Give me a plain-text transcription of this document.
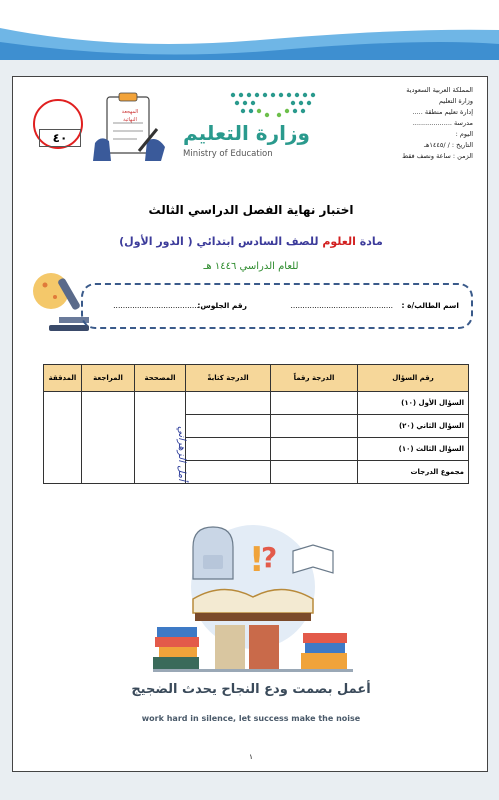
المملكة العربية السعودية
وزارة التعليم
إدارة تعليم منطقة .....
مدرسة ...................
اليوم :
التاريخ : / /١٤٤٥هـ
الزمن : ساعة ونصف فقط
وزارة التعليم
Ministry of Education
المهجعة
النهائية
٤٠
اختبار نهاية الفصل الدراسي الثالث
مادة العلوم للصف السادس ابتدائي ( الدور الأول)
للعام الدراسي ١٤٤٦ هـ
اسم الطالب/ة :
...........................................
رقم الجلوس:
....................................
رقم السؤال	الدرجة رقماً	الدرجة كتابةً	المصححة	المراجعة	المدققة
السؤال الأول (١٠)					
السؤال الثاني (٢٠)					
السؤال الثالث (١٠)					
مجموع الدرجات					
أمل الزهراني
!
?
أعمل بصمت ودع النجاح يحدث الضجيج
work hard in silence, let success make the noise
١
